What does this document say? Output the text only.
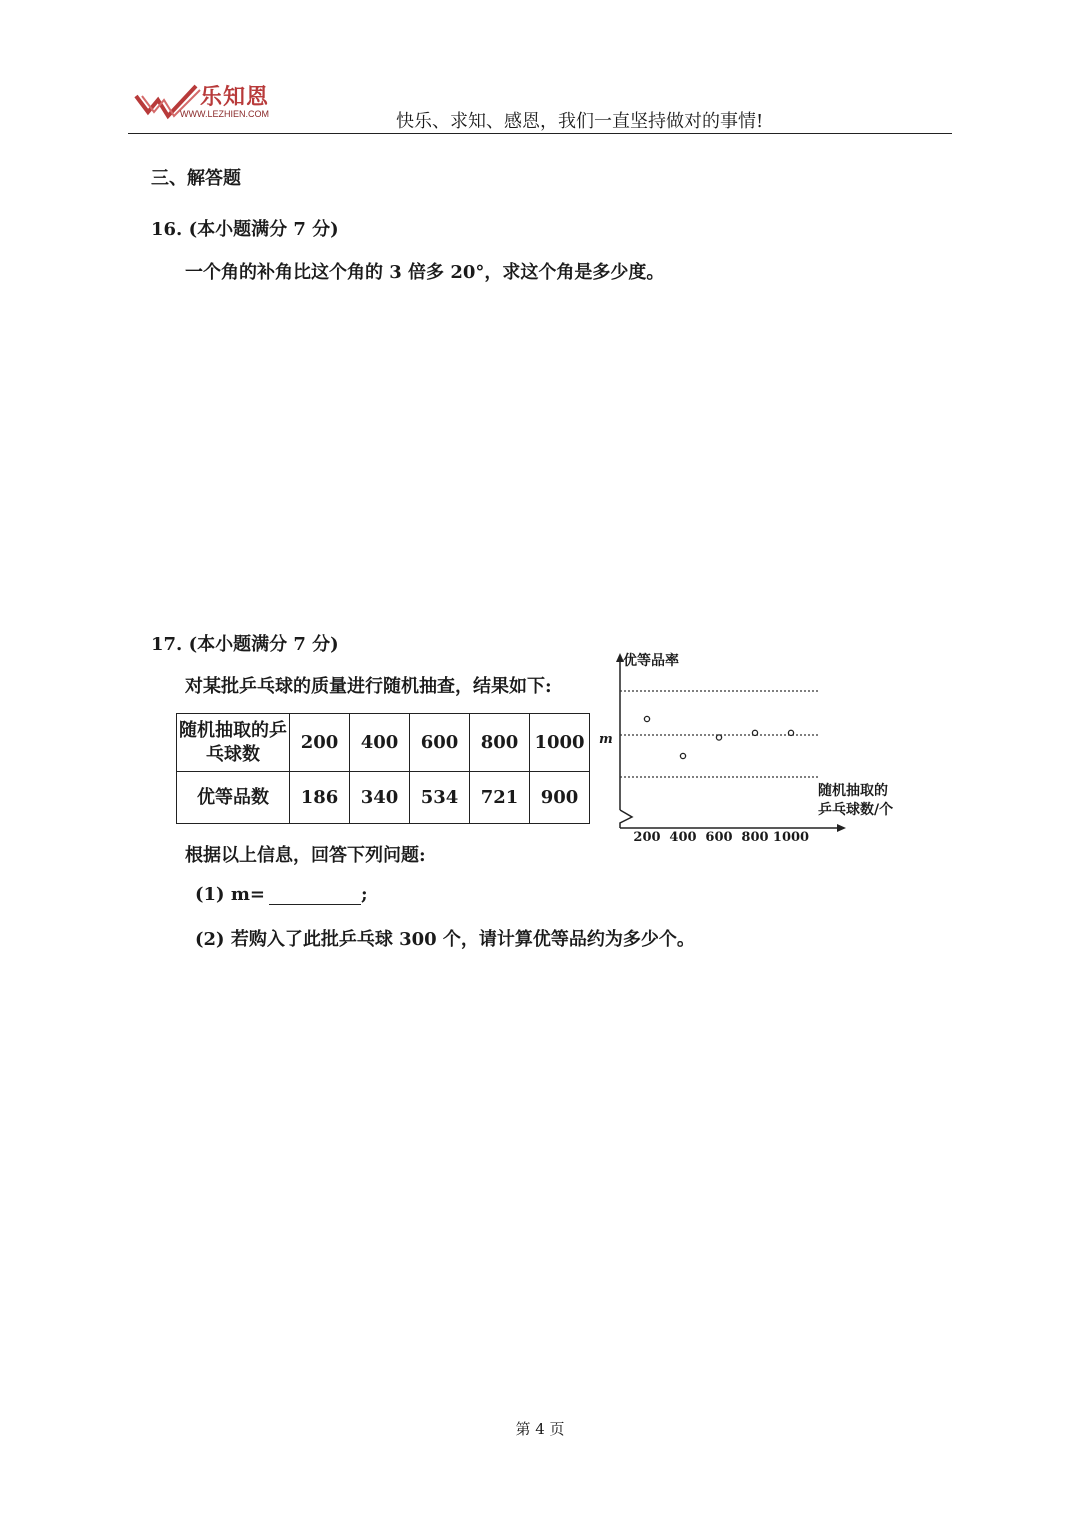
乐知恩
WWW.LEZHIEN.COM	快乐、求知、感恩，我们一直坚持做对的事情!
三、解答题
16. (本小题满分 7 分)
一个角的补角比这个角的 3 倍多 20°，求这个角是多少度。
17. (本小题满分 7 分)
对某批乒乓球的质量进行随机抽查，结果如下:
随机抽取的乒乓球数	200	400	600	800	1000
优等品数	186	340	534	721	900
优等品率
m
随机抽取的
乒乓球数/个
200 400 600 800 1000
根据以上信息，回答下列问题:
(1) m=	;
(2) 若购入了此批乒乓球 300 个，请计算优等品约为多少个。
第 4 页
